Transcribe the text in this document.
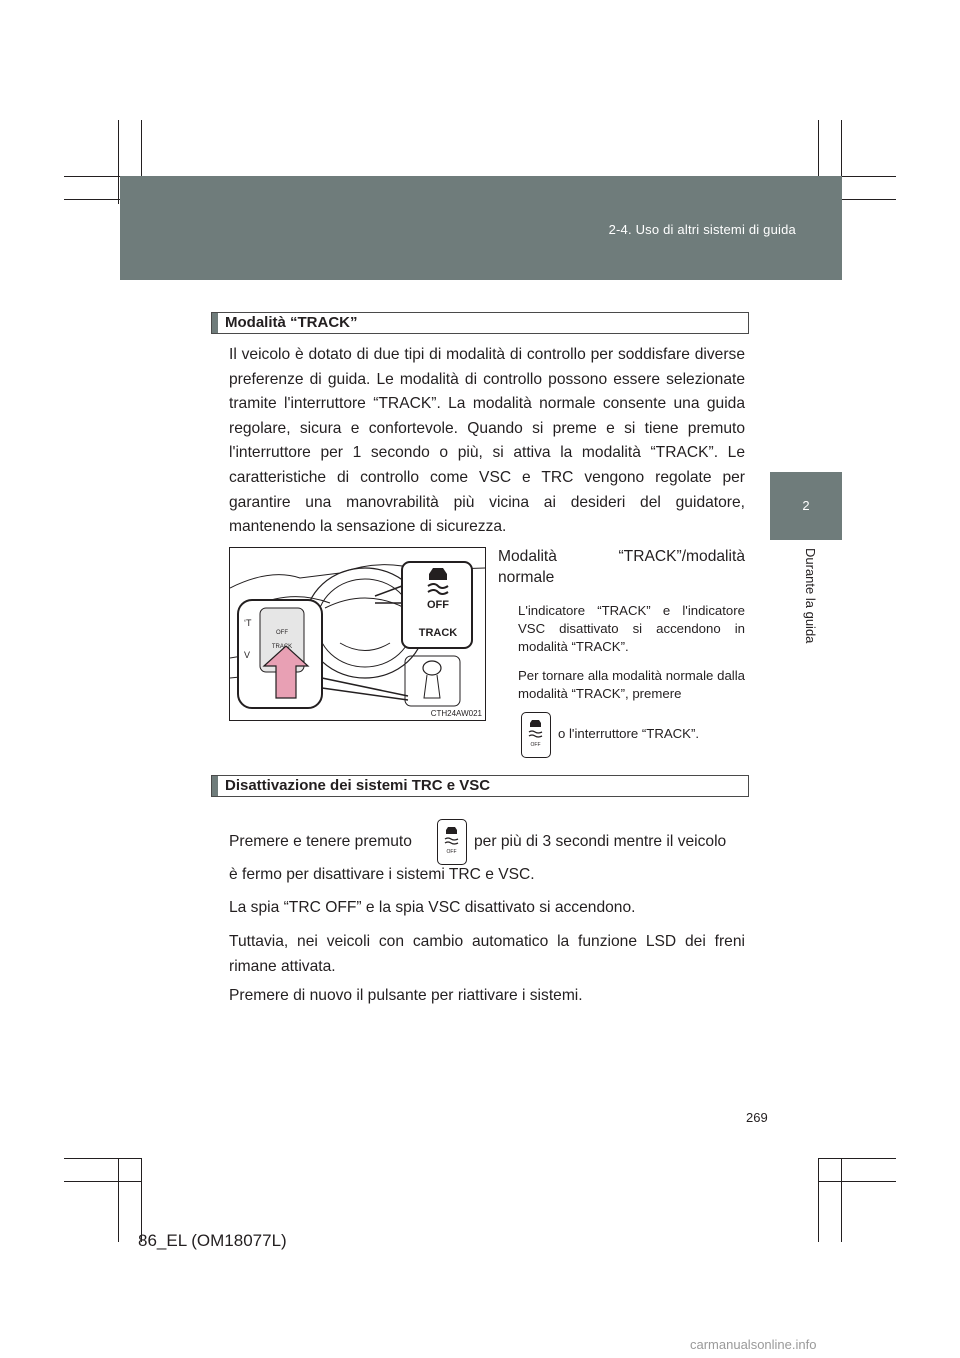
2-4. Uso di altri sistemi di guida
2
Durante la guida
Modalità “TRACK”

Il veicolo è dotato di due tipi di modalità di controllo per soddisfare diverse preferenze di guida. Le modalità di controllo possono essere selezionate tramite l'interruttore “TRACK”. La modalità normale consente una guida regolare, sicura e confortevole. Quando si preme e si tiene premuto l'interruttore per 1 secondo o più, si attiva la modalità “TRACK”. Le caratteristiche di controllo come VSC e TRC vengono regolate per garantire una manovrabilità più vicina ai desideri del guidatore, mantenendo la sensazione di sicurezza.

OFF
TRACK
‘T
V
OFF
TRACK
CTH24AW021

Modalità “TRACK”/modalità

normale

L'indicatore “TRACK” e l'indicatore VSC disattivato si accendono in modalità “TRACK”.

Per tornare alla modalità normale dalla modalità “TRACK”, premere

OFF
o l'interruttore “TRACK”.
Disattivazione dei sistemi TRC e VSC
Premere e tenere premuto
OFF
per più di 3 secondi mentre il veicolo
è fermo per disattivare i sistemi TRC e VSC.
La spia “TRC OFF” e la spia VSC disattivato si accendono.

Tuttavia, nei veicoli con cambio automatico la funzione LSD dei freni rimane attivata.

Premere di nuovo il pulsante per riattivare i sistemi.
269
86_EL (OM18077L)
carmanualsonline.info
